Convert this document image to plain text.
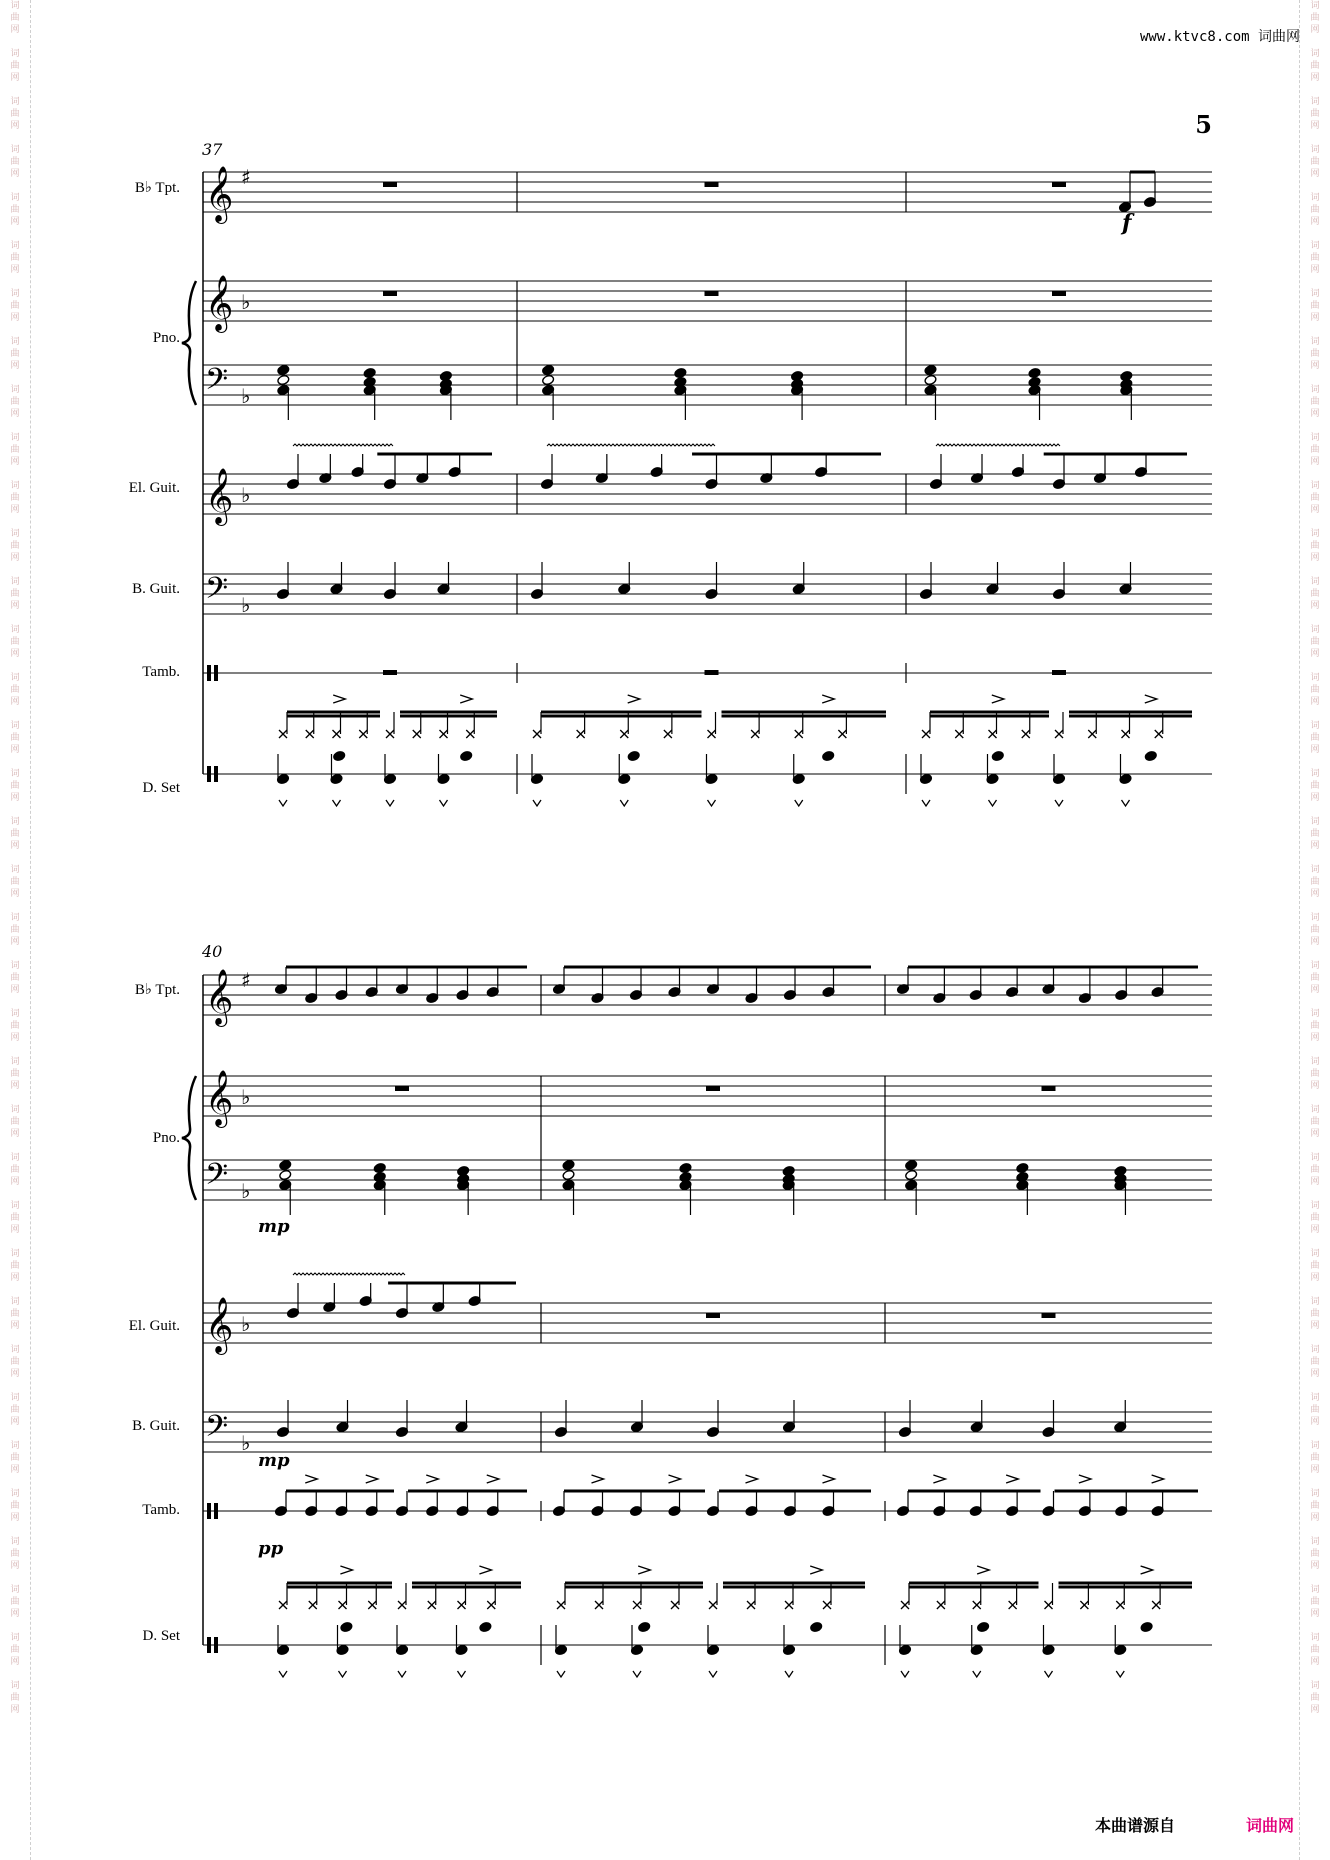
词
曲
网

词
曲
网

词
曲
网

词
曲
网

词
曲
网

词
曲
网

词
曲
网

词
曲
网

词
曲
网

词
曲
网

词
曲
网

词
曲
网

词
曲
网

词
曲
网

词
曲
网

词
曲
网

词
曲
网

词
曲
网

词
曲
网

词
曲
网

词
曲
网

词
曲
网

词
曲
网

词
曲
网

词
曲
网

词
曲
网

词
曲
网

词
曲
网

词
曲
网

词
曲
网

词
曲
网

词
曲
网

词
曲
网

词
曲
网

词
曲
网

词
曲
网

词
曲
网

词
曲
网

词
曲
网

词
曲
网

词
曲
网

词
曲
网

词
曲
网

词
曲
网

词
曲
网

词
曲
网

词
曲
网

词
曲
网

词
曲
网

词
曲
网

词
曲
网

词
曲
网

词
曲
网

词
曲
网

词
曲
网

词
曲
网

词
曲
网

词
曲
网

词
曲
网

词
曲
网

词
曲
网

词
曲
网

词
曲
网

词
曲
网

词
曲
网

词
曲
网

词
曲
网

词
曲
网

词
曲
网

词
曲
网

词
曲
网

词
曲
网

www.ktvc8.com 词曲网
5
37
B♭ Tpt.
Pno.
El. Guit.
B. Guit.
Tamb.
D. Set
40
B♭ Tpt.
Pno.
El. Guit.
B. Guit.
Tamb.
D. Set
𝄞
𝄞
𝄢
𝄞
𝄢
♯
♭
♭
♭
♭
𝄞
𝄞
𝄢
𝄞
𝄢
♯
♭
♭
♭
♭
f
mp
mp
pp
本曲谱源自	词曲网
